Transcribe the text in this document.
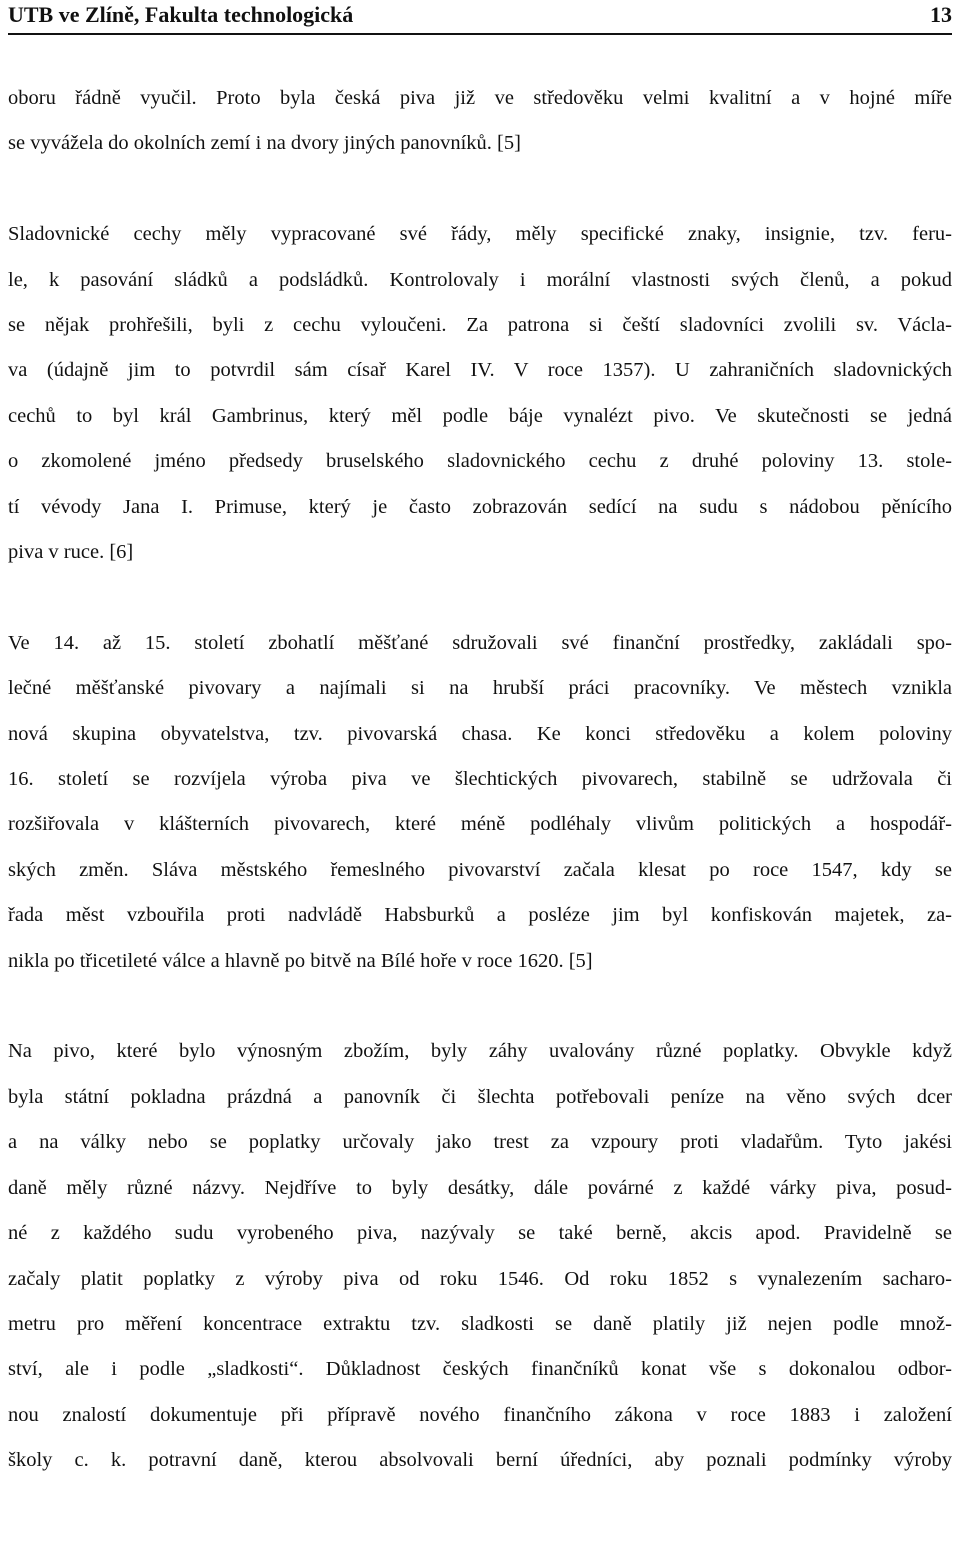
UTB ve Zlíně, Fakulta technologická	13
oboru řádně vyučil. Proto byla česká piva již ve středověku velmi kvalitní a v hojné míře
se vyvážela do okolních zemí i na dvory jiných panovníků. [5]
Sladovnické cechy měly vypracované své řády, měly specifické znaky, insignie, tzv. feru-
le, k pasování sládků a podsládků. Kontrolovaly i morální vlastnosti svých členů, a pokud
se nějak prohřešili, byli z cechu vyloučeni. Za patrona si čeští sladovníci zvolili sv. Václa-
va (údajně jim to potvrdil sám císař Karel IV. V roce 1357). U zahraničních sladovnických
cechů to byl král Gambrinus, který měl podle báje vynalézt pivo. Ve skutečnosti se jedná
o zkomolené jméno předsedy bruselského sladovnického cechu z druhé poloviny 13. stole-
tí vévody Jana I. Primuse, který je často zobrazován sedící na sudu s nádobou pěnícího
piva v ruce. [6]
Ve 14. až 15. století zbohatlí měšťané sdružovali své finanční prostředky, zakládali spo-
lečné měšťanské pivovary a najímali si na hrubší práci pracovníky. Ve městech vznikla
nová skupina obyvatelstva, tzv. pivovarská chasa. Ke konci středověku a kolem poloviny
16. století se rozvíjela výroba piva ve šlechtických pivovarech, stabilně se udržovala či
rozšiřovala v klášterních pivovarech, které méně podléhaly vlivům politických a hospodář-
ských změn. Sláva městského řemeslného pivovarství začala klesat po roce 1547, kdy se
řada měst vzbouřila proti nadvládě Habsburků a posléze jim byl konfiskován majetek, za-
nikla po třicetileté válce a hlavně po bitvě na Bílé hoře v roce 1620. [5]
Na pivo, které bylo výnosným zbožím, byly záhy uvalovány různé poplatky. Obvykle když
byla státní pokladna prázdná a panovník či šlechta potřebovali peníze na věno svých dcer
a na války nebo se poplatky určovaly jako trest za vzpoury proti vladařům. Tyto jakési
daně měly různé názvy. Nejdříve to byly desátky, dále povárné z každé várky piva, posud-
né z každého sudu vyrobeného piva, nazývaly se také berně, akcis apod. Pravidelně se
začaly platit poplatky z výroby piva od roku 1546. Od roku 1852 s vynalezením sacharo-
metru pro měření koncentrace extraktu tzv. sladkosti se daně platily již nejen podle množ-
ství, ale i podle „sladkosti“. Důkladnost českých finančníků konat vše s dokonalou odbor-
nou znalostí dokumentuje při přípravě nového finančního zákona v roce 1883 i založení
školy c. k. potravní daně, kterou absolvovali berní úředníci, aby poznali podmínky výroby
